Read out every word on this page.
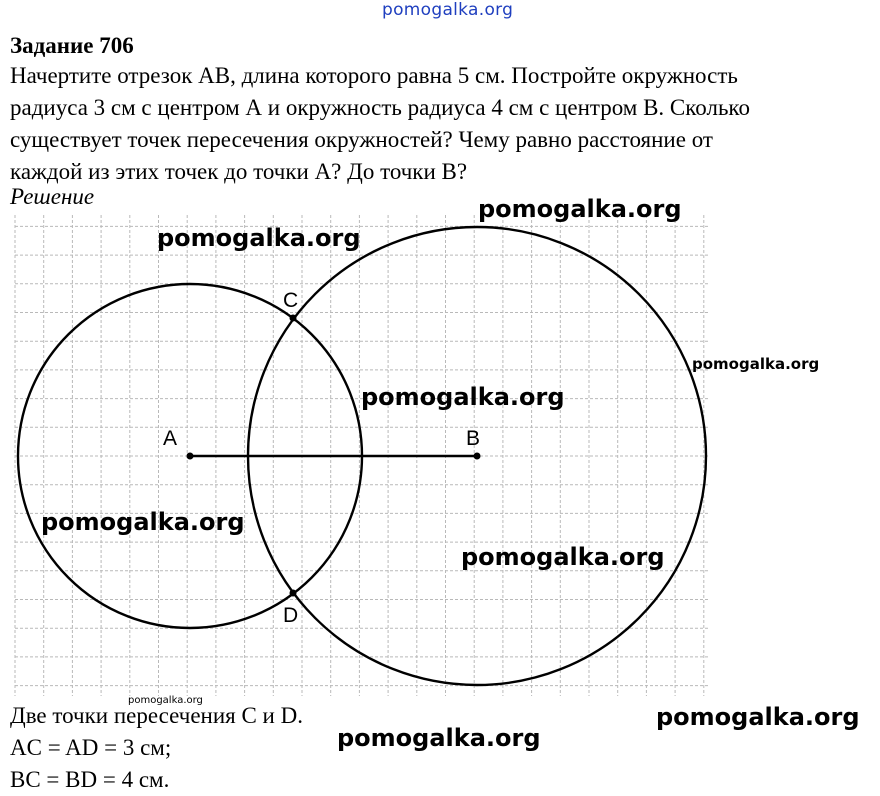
pomogalka.org
Задание 706
Начертите отрезок AB, длина которого равна 5 см. Постройте окружность
радиуса 3 см с центром А и окружность радиуса 4 см с центром В. Сколько
существует точек пересечения окружностей? Чему равно расстояние от
каждой из этих точек до точки А? До точки В?
Решение
A	B
C
D
pomogalka.org
pomogalka.org
pomogalka.org
pomogalka.org
pomogalka.org
pomogalka.org
pomogalka.org
pomogalka.org
pomogalka.org
Две точки пересечения С и D.
AC = AD = 3 см;
BC = BD = 4 см.
